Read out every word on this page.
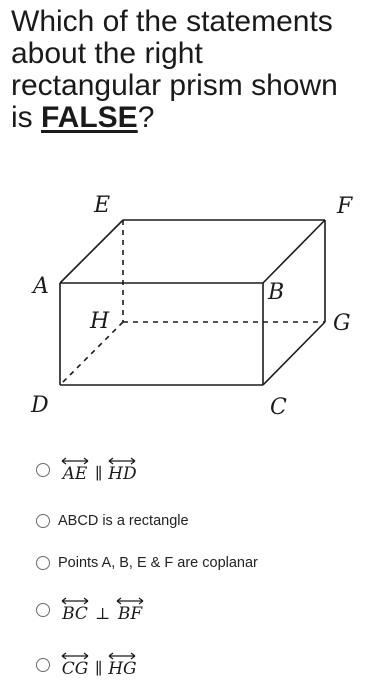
Which of the statements about the right rectangular prism shown is FALSE?
E	F
A	B
H	G
D	C
AE ∥ HD
ABCD is a rectangle
Points A, B, E & F are coplanar
BC ⊥ BF
CG ∥ HG
